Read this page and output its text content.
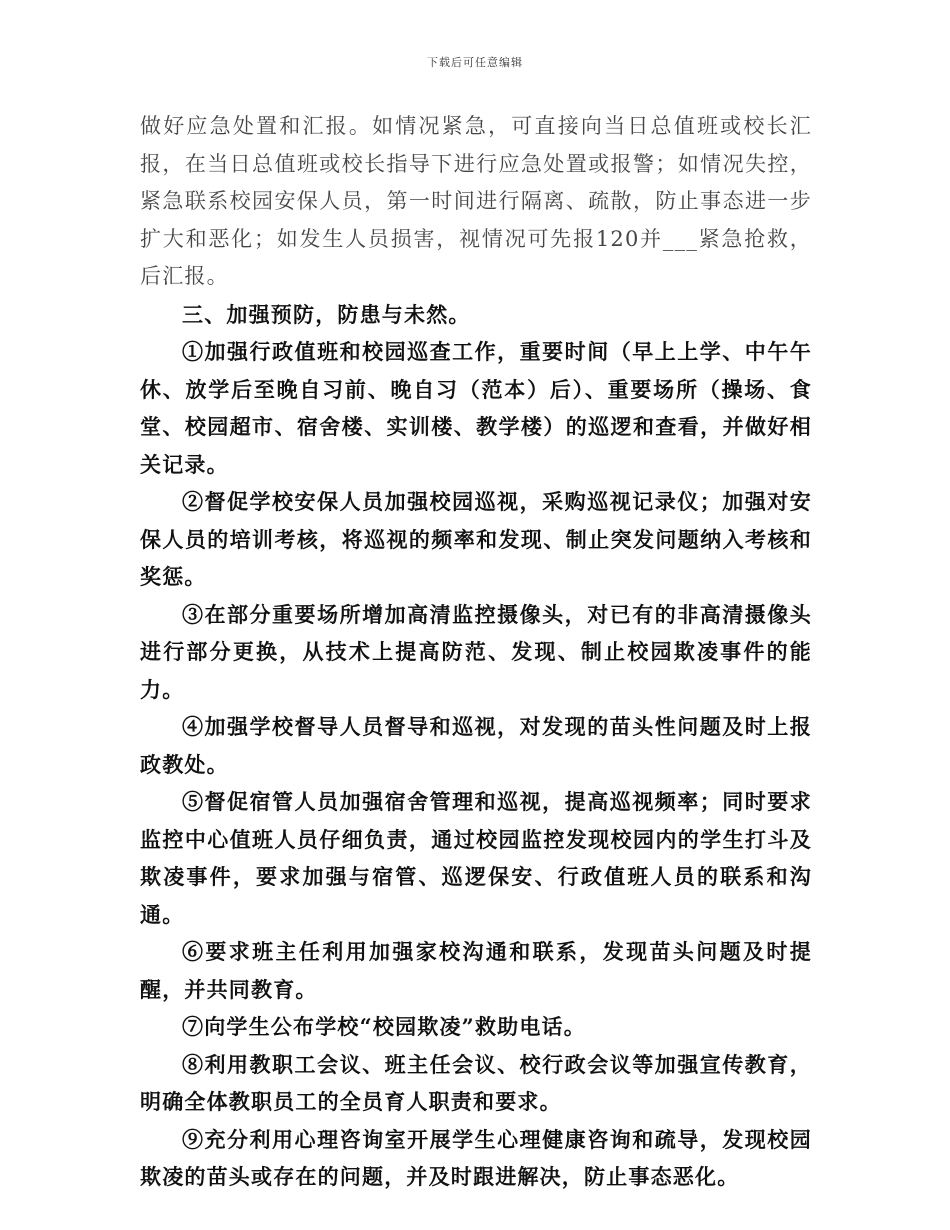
下载后可任意编辑

做好应急处置和汇报。如情况紧急，可直接向当日总值班或校长汇报，在当日总值班或校长指导下进行应急处置或报警；如情况失控，紧急联系校园安保人员，第一时间进行隔离、疏散，防止事态进一步扩大和恶化；如发生人员损害，视情况可先报120并___紧急抢救，后汇报。

三、加强预防，防患与未然。

①加强行政值班和校园巡查工作，重要时间（早上上学、中午午休、放学后至晚自习前、晚自习（范本）后）、重要场所（操场、食堂、校园超市、宿舍楼、实训楼、教学楼）的巡逻和查看，并做好相关记录。

②督促学校安保人员加强校园巡视，采购巡视记录仪；加强对安保人员的培训考核，将巡视的频率和发现、制止突发问题纳入考核和奖惩。

③在部分重要场所增加高清监控摄像头，对已有的非高清摄像头进行部分更换，从技术上提高防范、发现、制止校园欺凌事件的能力。

④加强学校督导人员督导和巡视，对发现的苗头性问题及时上报政教处。

⑤督促宿管人员加强宿舍管理和巡视，提高巡视频率；同时要求监控中心值班人员仔细负责，通过校园监控发现校园内的学生打斗及欺凌事件，要求加强与宿管、巡逻保安、行政值班人员的联系和沟通。

⑥要求班主任利用加强家校沟通和联系，发现苗头问题及时提醒，并共同教育。

⑦向学生公布学校“校园欺凌”救助电话。

⑧利用教职工会议、班主任会议、校行政会议等加强宣传教育，明确全体教职员工的全员育人职责和要求。

⑨充分利用心理咨询室开展学生心理健康咨询和疏导，发现校园欺凌的苗头或存在的问题，并及时跟进解决，防止事态恶化。
